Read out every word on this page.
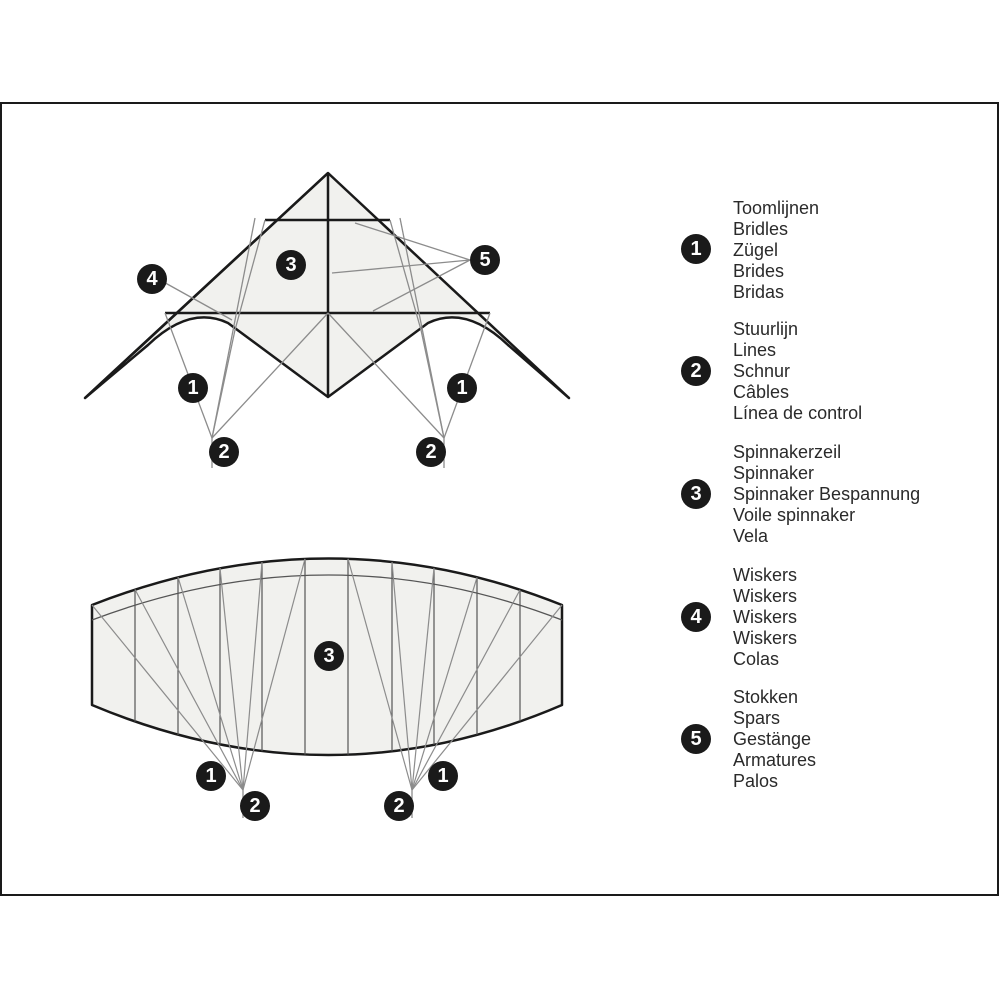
3
4
5
1	1
2	2
3
1	1
2	2
1
Toomlijnen
Bridles
Zügel
Brides
Bridas
2
Stuurlijn
Lines
Schnur
Câbles
Línea de control
3
Spinnakerzeil
Spinnaker
Spinnaker Bespannung
Voile spinnaker
Vela
4
Wiskers
Wiskers
Wiskers
Wiskers
Colas
5
Stokken
Spars
Gestänge
Armatures
Palos
